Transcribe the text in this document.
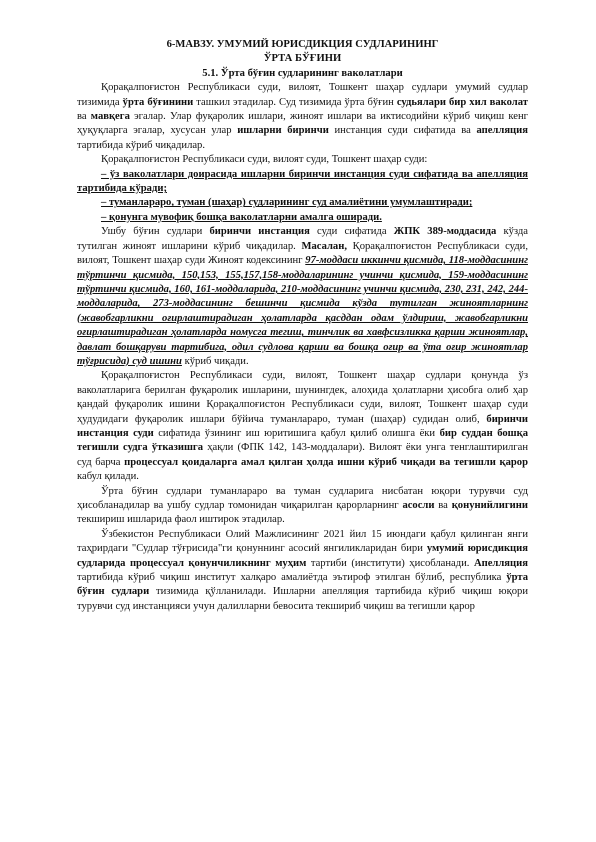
6-МАВЗУ. УМУМИЙ ЮРИСДИКЦИЯ СУДЛАРИНИНГ
ЎРТА БЎҒИНИ
5.1. Ўрта бўғин судларининг ваколатлари

Қорақалпоғистон Республикаси суди, вилоят, Тошкент шаҳар судлари умумий судлар тизимида ўрта бўғинини ташкил этадилар. Суд тизимида ўрта бўғин судьялари бир хил ваколат ва мавқега эгалар. Улар фуқаролик ишлари, жиноят ишлари ва иктисодийни кўриб чиқиш кенг ҳуқуқларга эгалар, хусусан улар ишларни биринчи инстанция суди сифатида ва апелляция тартибида кўриб чиқадилар.

Қорақалпоғистон Республикаси суди, вилоят суди, Тошкент шаҳар суди:

– ўз ваколатлари доирасида ишларни биринчи инстанция суди сифатида ва апелляция тартибида кўради;

– туманлараро, туман (шаҳар) судларининг суд амалиётини умумлаштиради;

– қонунга мувофиқ бошқа ваколатларни амалга оширади.

Ушбу бўғин судлари биринчи инстанция суди сифатида ЖПК 389-моддасида кўзда тутилган жиноят ишларини кўриб чиқадилар. Масалан, Қорақалпоғистон Республикаси суди, вилоят, Тошкент шаҳар суди Жиноят кодексининг 97-моддаси иккинчи қисмида, 118-моддасининг тўртинчи қисмида, 150,153, 155,157,158-моддаларининг учинчи қисмида, 159-моддасининг тўртинчи қисмида, 160, 161-моддаларида, 210-моддасининг учинчи қисмида, 230, 231, 242, 244-моддаларида, 273-моддасининг бешинчи қисмида кўзда тутилган жиноятларнинг (жавобгарликни оғирлаштирадиган ҳолатларда қасддан одам ўлдириш, жавобгарликни оғирлаштирадиган ҳолатларда номусга тегиш, тинчлик ва хавфсизликка қарши жиноятлар, давлат бошқаруви тартибига, одил судлова қарши ва бошқа оғир ва ўта оғир жиноятлар тўғрисида) суд ишини кўриб чиқади.

Қорақалпоғистон Республикаси суди, вилоят, Тошкент шаҳар судлари қонунда ўз ваколатларига берилган фуқаролик ишларини, шунингдек, алоҳида ҳолатларни ҳисобга олиб ҳар қандай фуқаролик ишини Қорақалпоғистон Республикаси суди, вилоят, Тошкент шаҳар суди ҳудудидаги фуқаролик ишлари бўйича туманлараро, туман (шаҳар) судидан олиб, биринчи инстанция суди сифатида ўзининг иш юритишига қабул қилиб олишга ёки бир суддан бошқа тегишли судга ўтказишга ҳақли (ФПК 142, 143-моддалари). Вилоят ёки унга тенглаштирилган суд барча процессуал қоидаларга амал қилган ҳолда ишни кўриб чиқади ва тегишли қарор кабул қилади.

Ўрта бўғин судлари туманлараро ва туман судларига нисбатан юқори турувчи суд ҳисобланадилар ва ушбу судлар томонидан чиқарилган қарорларнинг асосли ва қонунийлигини текшириш ишларида фаол иштирок этадилар.

Ўзбекистон Республикаси Олий Мажлисининг 2021 йил 15 июндаги қабул қилинган янги таҳрирдаги "Судлар тўғрисида"ги қонуннинг асосий янгиликларидан бири умумий юрисдикция судларида процессуал қонунчиликнинг муҳим тартиби (институти) ҳисобланади. Апелляция тартибида кўриб чиқиш институт халқаро амалиётда эътироф этилган бўлиб, республика ўрта бўғин судлари тизимида қўлланилади. Ишларни апелляция тартибида кўриб чиқиш юқори турувчи суд инстанцияси учун далилларни бевосита текшириб чиқиш ва тегишли қарор
